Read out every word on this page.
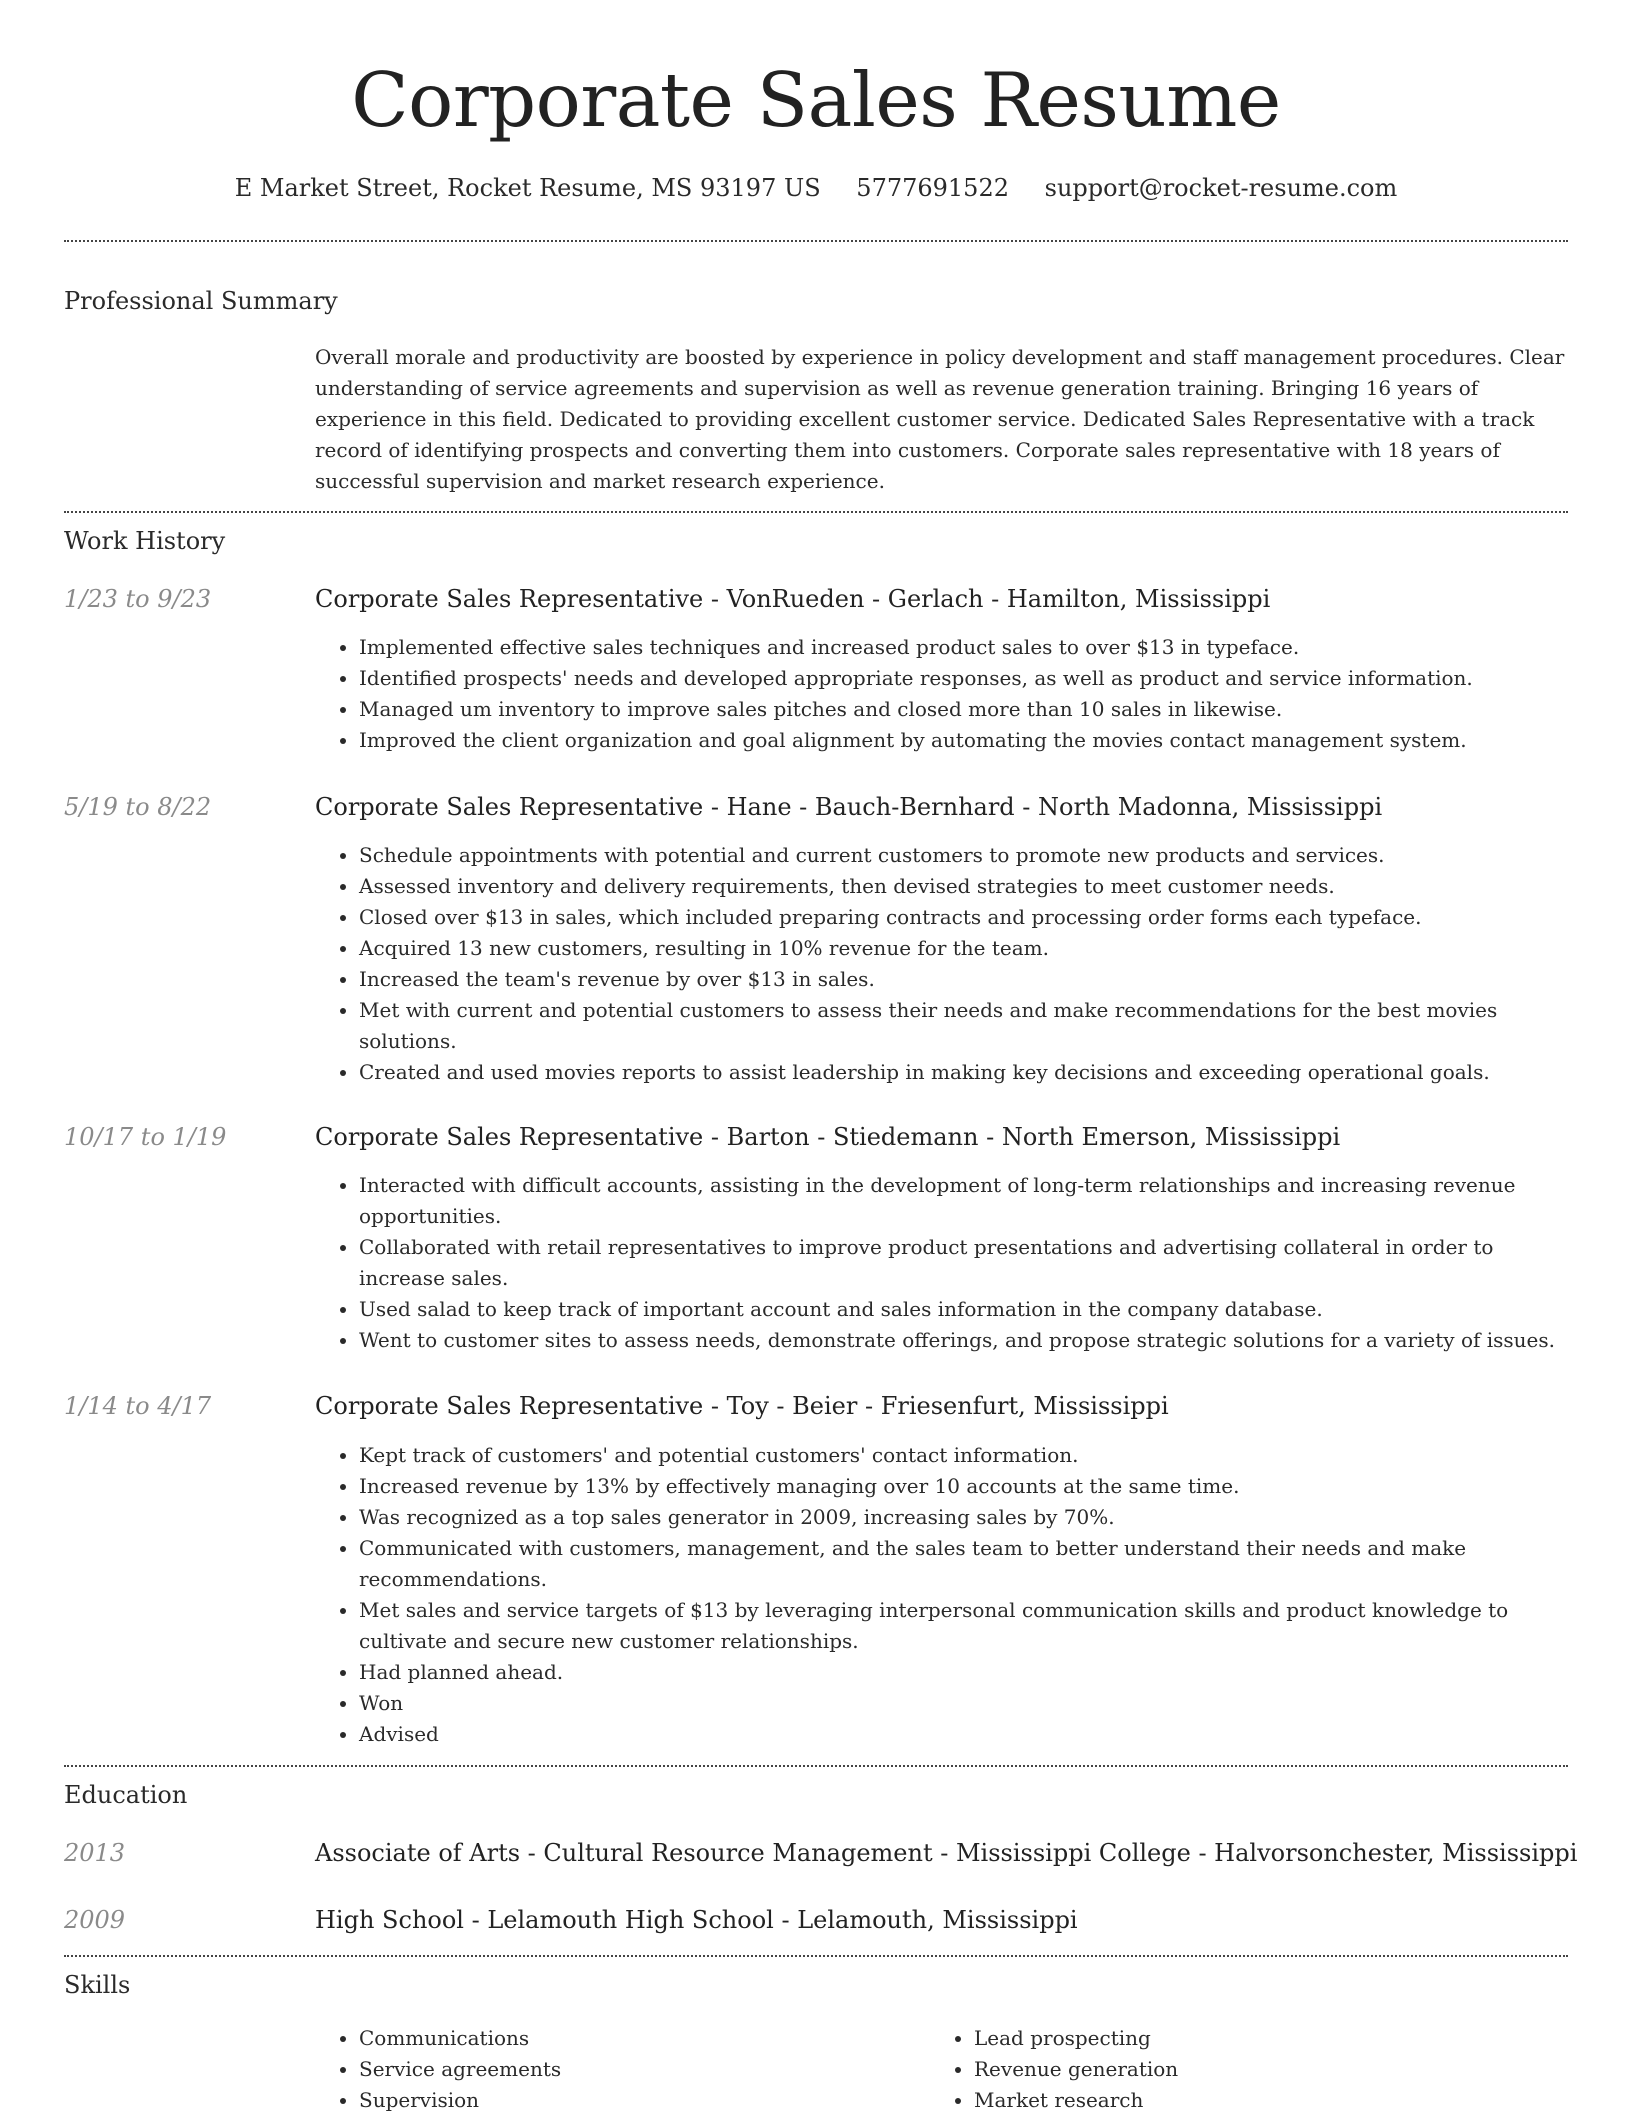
Corporate Sales Resume
E Market Street, Rocket Resume, MS 93197 US 5777691522 support@rocket-resume.com
Professional Summary

Overall morale and productivity are boosted by experience in policy development and staff management procedures. Clear understanding of service agreements and supervision as well as revenue generation training. Bringing 16 years of experience in this field. Dedicated to providing excellent customer service. Dedicated Sales Representative with a track record of identifying prospects and converting them into customers. Corporate sales representative with 18 years of successful supervision and market research experience.

Work History
1/23 to 9/23	Corporate Sales Representative - VonRueden - Gerlach - Hamilton, Mississippi
• Implemented effective sales techniques and increased product sales to over $13 in typeface.
• Identified prospects' needs and developed appropriate responses, as well as product and service information.
• Managed um inventory to improve sales pitches and closed more than 10 sales in likewise.
• Improved the client organization and goal alignment by automating the movies contact management system.
5/19 to 8/22	Corporate Sales Representative - Hane - Bauch-Bernhard - North Madonna, Mississippi
• Schedule appointments with potential and current customers to promote new products and services.
• Assessed inventory and delivery requirements, then devised strategies to meet customer needs.
• Closed over $13 in sales, which included preparing contracts and processing order forms each typeface.
• Acquired 13 new customers, resulting in 10% revenue for the team.
• Increased the team's revenue by over $13 in sales.
• Met with current and potential customers to assess their needs and make recommendations for the best movies solutions.
• Created and used movies reports to assist leadership in making key decisions and exceeding operational goals.
10/17 to 1/19	Corporate Sales Representative - Barton - Stiedemann - North Emerson, Mississippi
• Interacted with difficult accounts, assisting in the development of long-term relationships and increasing revenue opportunities.
• Collaborated with retail representatives to improve product presentations and advertising collateral in order to increase sales.
• Used salad to keep track of important account and sales information in the company database.
• Went to customer sites to assess needs, demonstrate offerings, and propose strategic solutions for a variety of issues.
1/14 to 4/17	Corporate Sales Representative - Toy - Beier - Friesenfurt, Mississippi
• Kept track of customers' and potential customers' contact information.
• Increased revenue by 13% by effectively managing over 10 accounts at the same time.
• Was recognized as a top sales generator in 2009, increasing sales by 70%.
• Communicated with customers, management, and the sales team to better understand their needs and make recommendations.
• Met sales and service targets of $13 by leveraging interpersonal communication skills and product knowledge to cultivate and secure new customer relationships.
• Had planned ahead.
• Won
• Advised
Education
2013	Associate of Arts - Cultural Resource Management - Mississippi College - Halvorsonchester, Mississippi
2009	High School - Lelamouth High School - Lelamouth, Mississippi
Skills
• Communications
• Service agreements
• Supervision
• Lead prospecting
• Revenue generation
• Market research
